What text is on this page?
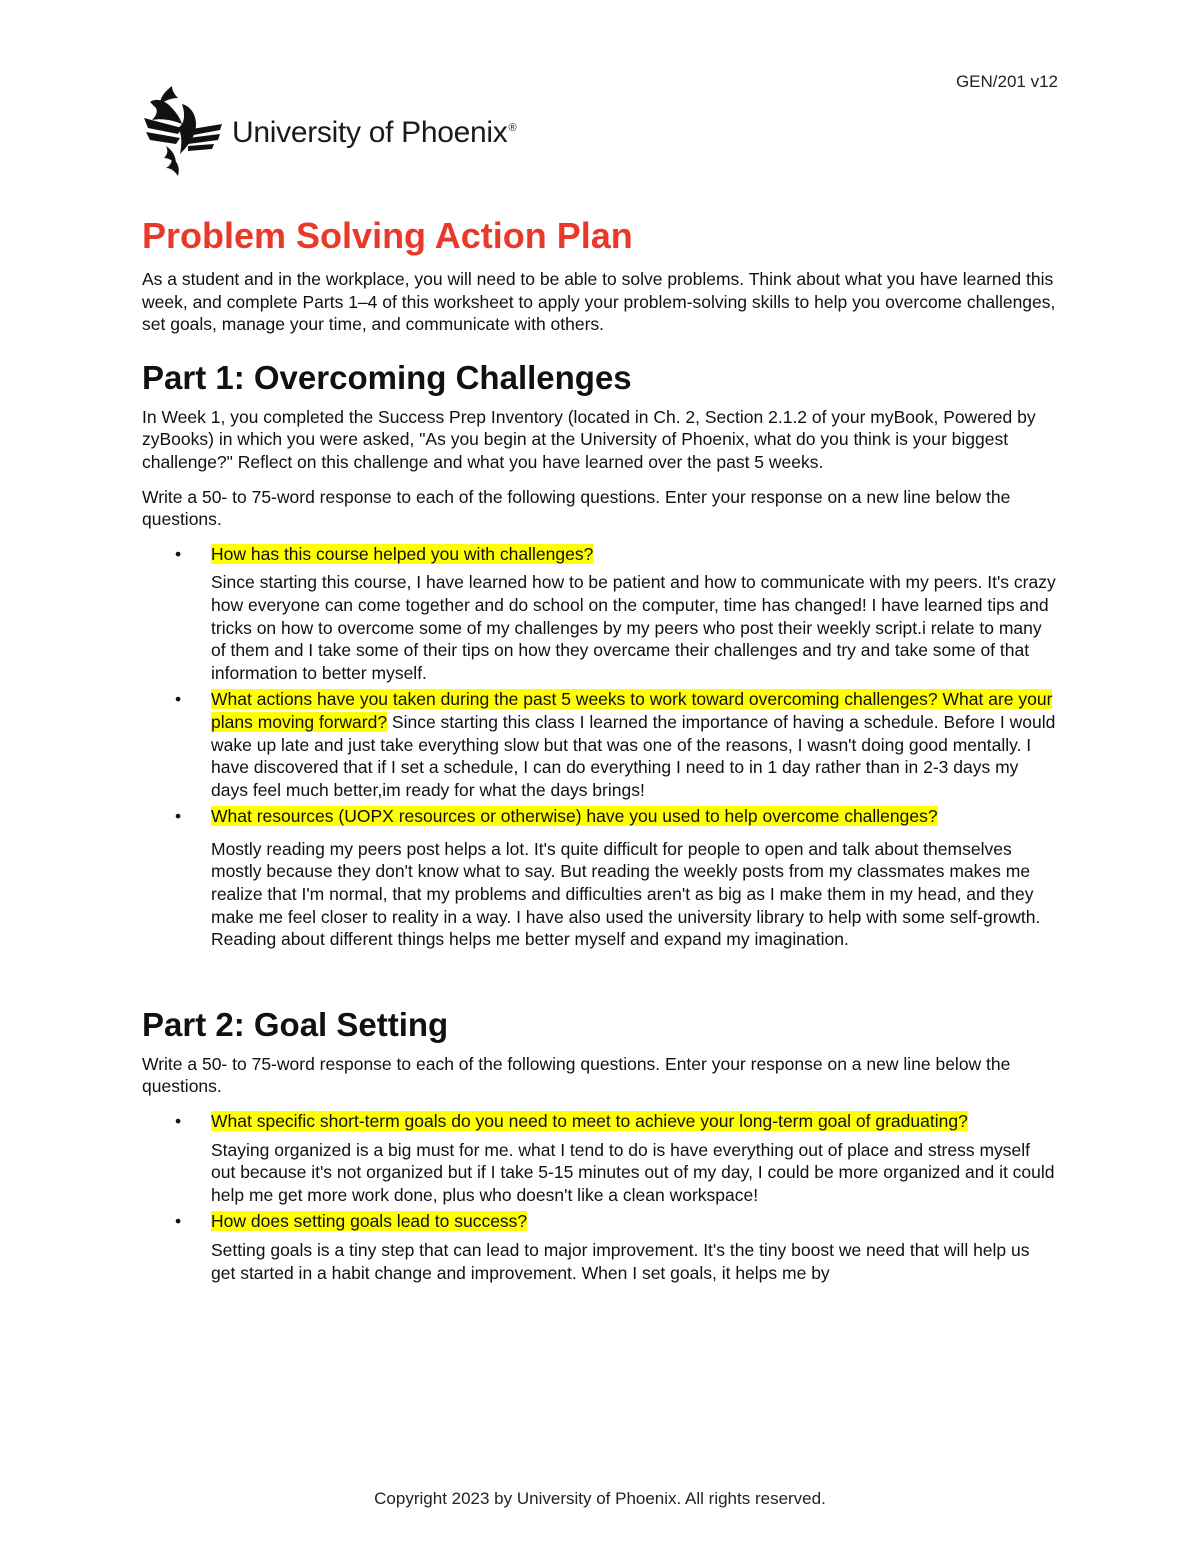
GEN/201 v12
University of Phoenix®
Problem Solving Action Plan

As a student and in the workplace, you will need to be able to solve problems. Think about what you have learned this week, and complete Parts 1–4 of this worksheet to apply your problem-solving skills to help you overcome challenges, set goals, manage your time, and communicate with others.

Part 1: Overcoming Challenges

In Week 1, you completed the Success Prep Inventory (located in Ch. 2, Section 2.1.2 of your myBook, Powered by zyBooks) in which you were asked, "As you begin at the University of Phoenix, what do you think is your biggest challenge?" Reflect on this challenge and what you have learned over the past 5 weeks.

Write a 50- to 75-word response to each of the following questions. Enter your response on a new line below the questions.

• How has this course helped you with challenges?
Since starting this course, I have learned how to be patient and how to communicate with my peers. It's crazy how everyone can come together and do school on the computer, time has changed! I have learned tips and tricks on how to overcome some of my challenges by my peers who post their weekly script.i relate to many of them and I take some of their tips on how they overcame their challenges and try and take some of that information to better myself.
• What actions have you taken during the past 5 weeks to work toward overcoming challenges? What are your plans moving forward? Since starting this class I learned the importance of having a schedule. Before I would wake up late and just take everything slow but that was one of the reasons, I wasn't doing good mentally. I have discovered that if I set a schedule, I can do everything I need to in 1 day rather than in 2-3 days my days feel much better,im ready for what the days brings!
• What resources (UOPX resources or otherwise) have you used to help overcome challenges?
Mostly reading my peers post helps a lot. It's quite difficult for people to open and talk about themselves mostly because they don't know what to say. But reading the weekly posts from my classmates makes me realize that I'm normal, that my problems and difficulties aren't as big as I make them in my head, and they make me feel closer to reality in a way. I have also used the university library to help with some self-growth. Reading about different things helps me better myself and expand my imagination.
Part 2: Goal Setting

Write a 50- to 75-word response to each of the following questions. Enter your response on a new line below the questions.

• What specific short-term goals do you need to meet to achieve your long-term goal of graduating?
Staying organized is a big must for me. what I tend to do is have everything out of place and stress myself out because it's not organized but if I take 5-15 minutes out of my day, I could be more organized and it could help me get more work done, plus who doesn't like a clean workspace!
• How does setting goals lead to success?
Setting goals is a tiny step that can lead to major improvement. It's the tiny boost we need that will help us get started in a habit change and improvement. When I set goals, it helps me by
Copyright 2023 by University of Phoenix. All rights reserved.
